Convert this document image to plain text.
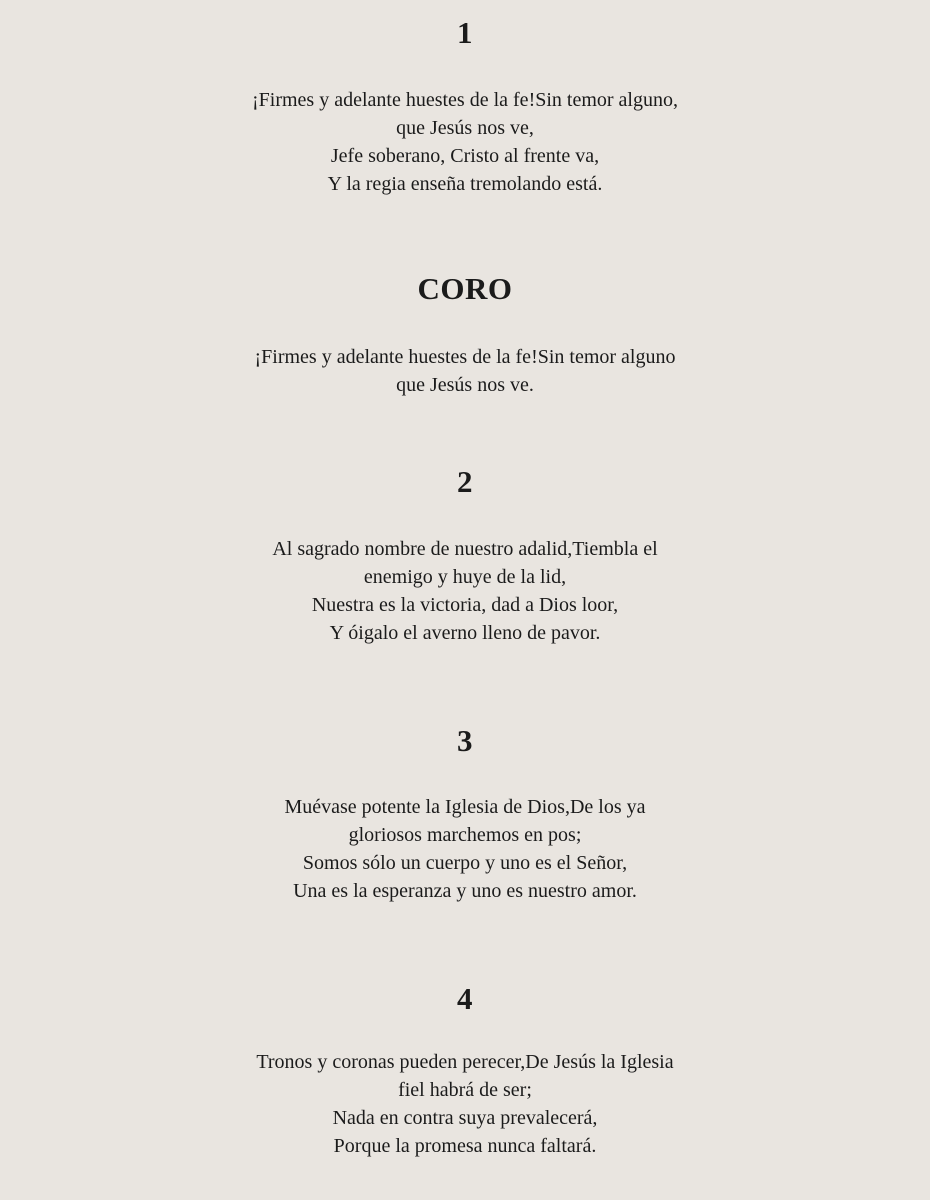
1
¡Firmes y adelante huestes de la fe!Sin temor alguno,
que Jesús nos ve,
Jefe soberano, Cristo al frente va,
Y la regia enseña tremolando está.
CORO
¡Firmes y adelante huestes de la fe!Sin temor alguno
que Jesús nos ve.
2
Al sagrado nombre de nuestro adalid,Tiembla el
enemigo y huye de la lid,
Nuestra es la victoria, dad a Dios loor,
Y óigalo el averno lleno de pavor.
3
Muévase potente la Iglesia de Dios,De los ya
gloriosos marchemos en pos;
Somos sólo un cuerpo y uno es el Señor,
Una es la esperanza y uno es nuestro amor.
4
Tronos y coronas pueden perecer,De Jesús la Iglesia
fiel habrá de ser;
Nada en contra suya prevalecerá,
Porque la promesa nunca faltará.
